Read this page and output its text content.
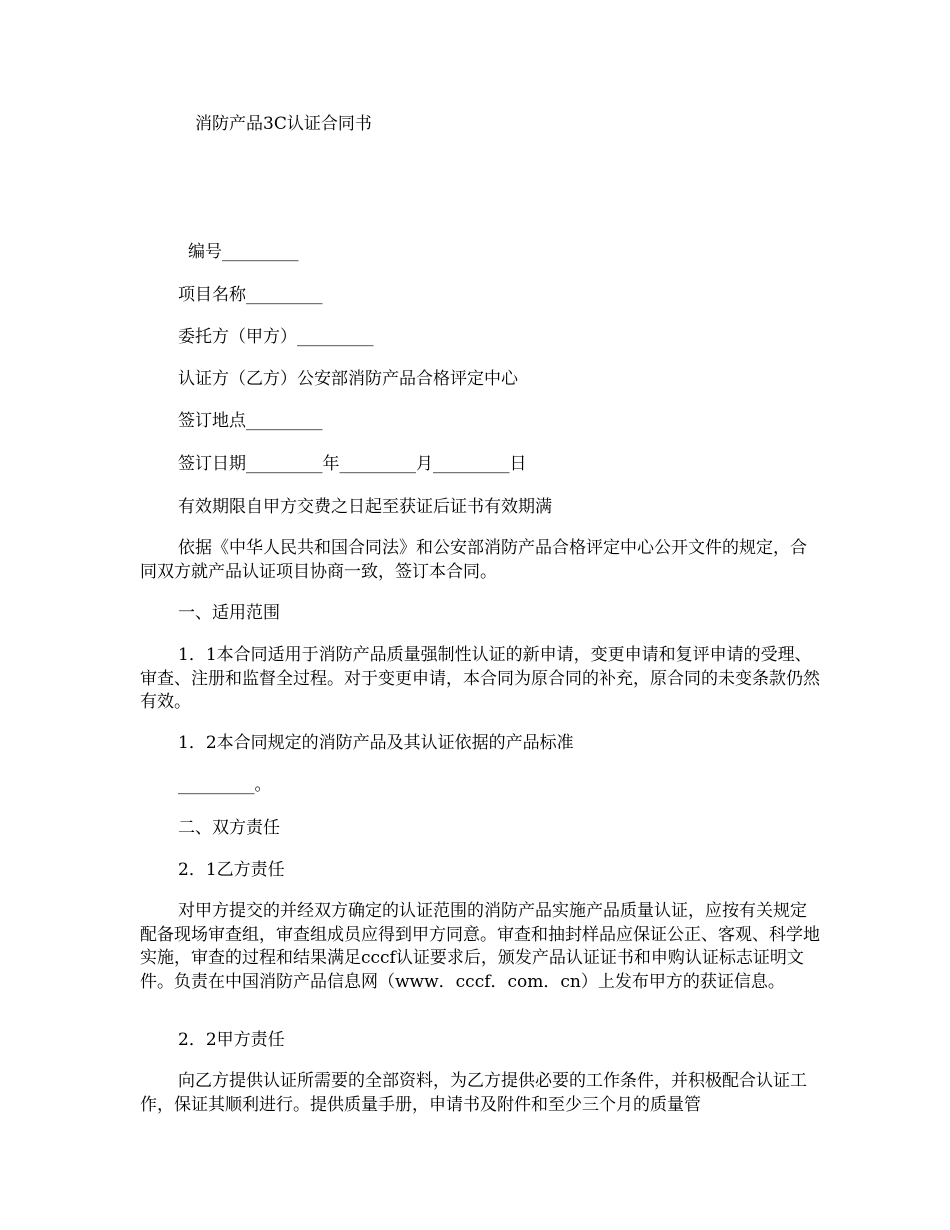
消防产品3C认证合同书
编号_________
项目名称_________
委托方（甲方）_________
认证方（乙方）公安部消防产品合格评定中心
签订地点_________
签订日期_________年_________月_________日
有效期限自甲方交费之日起至获证后证书有效期满
依据《中华人民共和国合同法》和公安部消防产品合格评定中心公开文件的规定，合同双方就产品认证项目协商一致，签订本合同。
一、适用范围
1．1本合同适用于消防产品质量强制性认证的新申请，变更申请和复评申请的受理、审查、注册和监督全过程。对于变更申请，本合同为原合同的补充，原合同的未变条款仍然有效。
1．2本合同规定的消防产品及其认证依据的产品标准
_________。
二、双方责任
2．1乙方责任
对甲方提交的并经双方确定的认证范围的消防产品实施产品质量认证，应按有关规定配备现场审查组，审查组成员应得到甲方同意。审查和抽封样品应保证公正、客观、科学地实施，审查的过程和结果满足cccf认证要求后，颁发产品认证证书和申购认证标志证明文件。负责在中国消防产品信息网（www．cccf．com．cn）上发布甲方的获证信息。
2．2甲方责任
向乙方提供认证所需要的全部资料，为乙方提供必要的工作条件，并积极配合认证工作，保证其顺利进行。提供质量手册，申请书及附件和至少三个月的质量管
